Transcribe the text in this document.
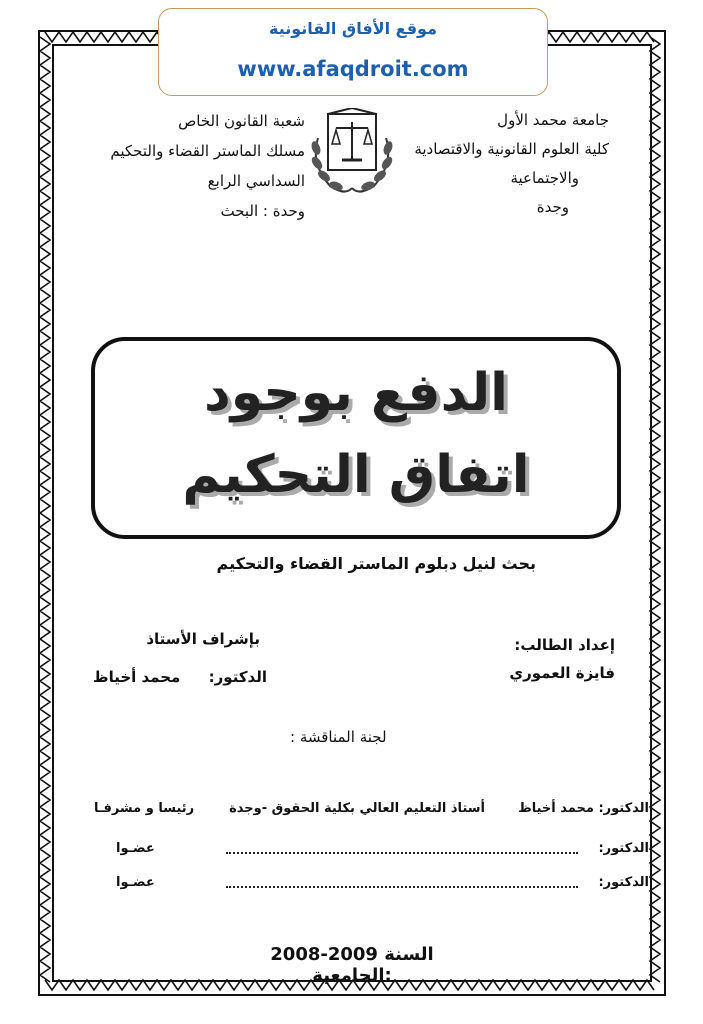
موقع الأفاق القانونية
www.afaqdroit.com
جامعة محمد الأول
كلية العلوم القانونية والاقتصادية
والاجتماعية
وجدة
شعبة القانون الخاص
مسلك الماستر القضاء والتحكيم
السداسي الرابع
وحدة : البحث
الدفع بوجود
اتفاق التحكيم
بحث لنيل دبلوم الماستر القضاء والتحكيم
إعداد الطالب:
فايزة العموري
بإشراف الأستاذ
الدكتور:
محمد أخياظ
لجنة المناقشة :
الدكتور: محمد أخياظ
أستاذ التعليم العالي بكلية الحقوق -وجدة
رئيسا و مشرفـا
الدكتور:
عضـوا
الدكتور:
عضـوا
2008-2009 السنة الجامعية:
